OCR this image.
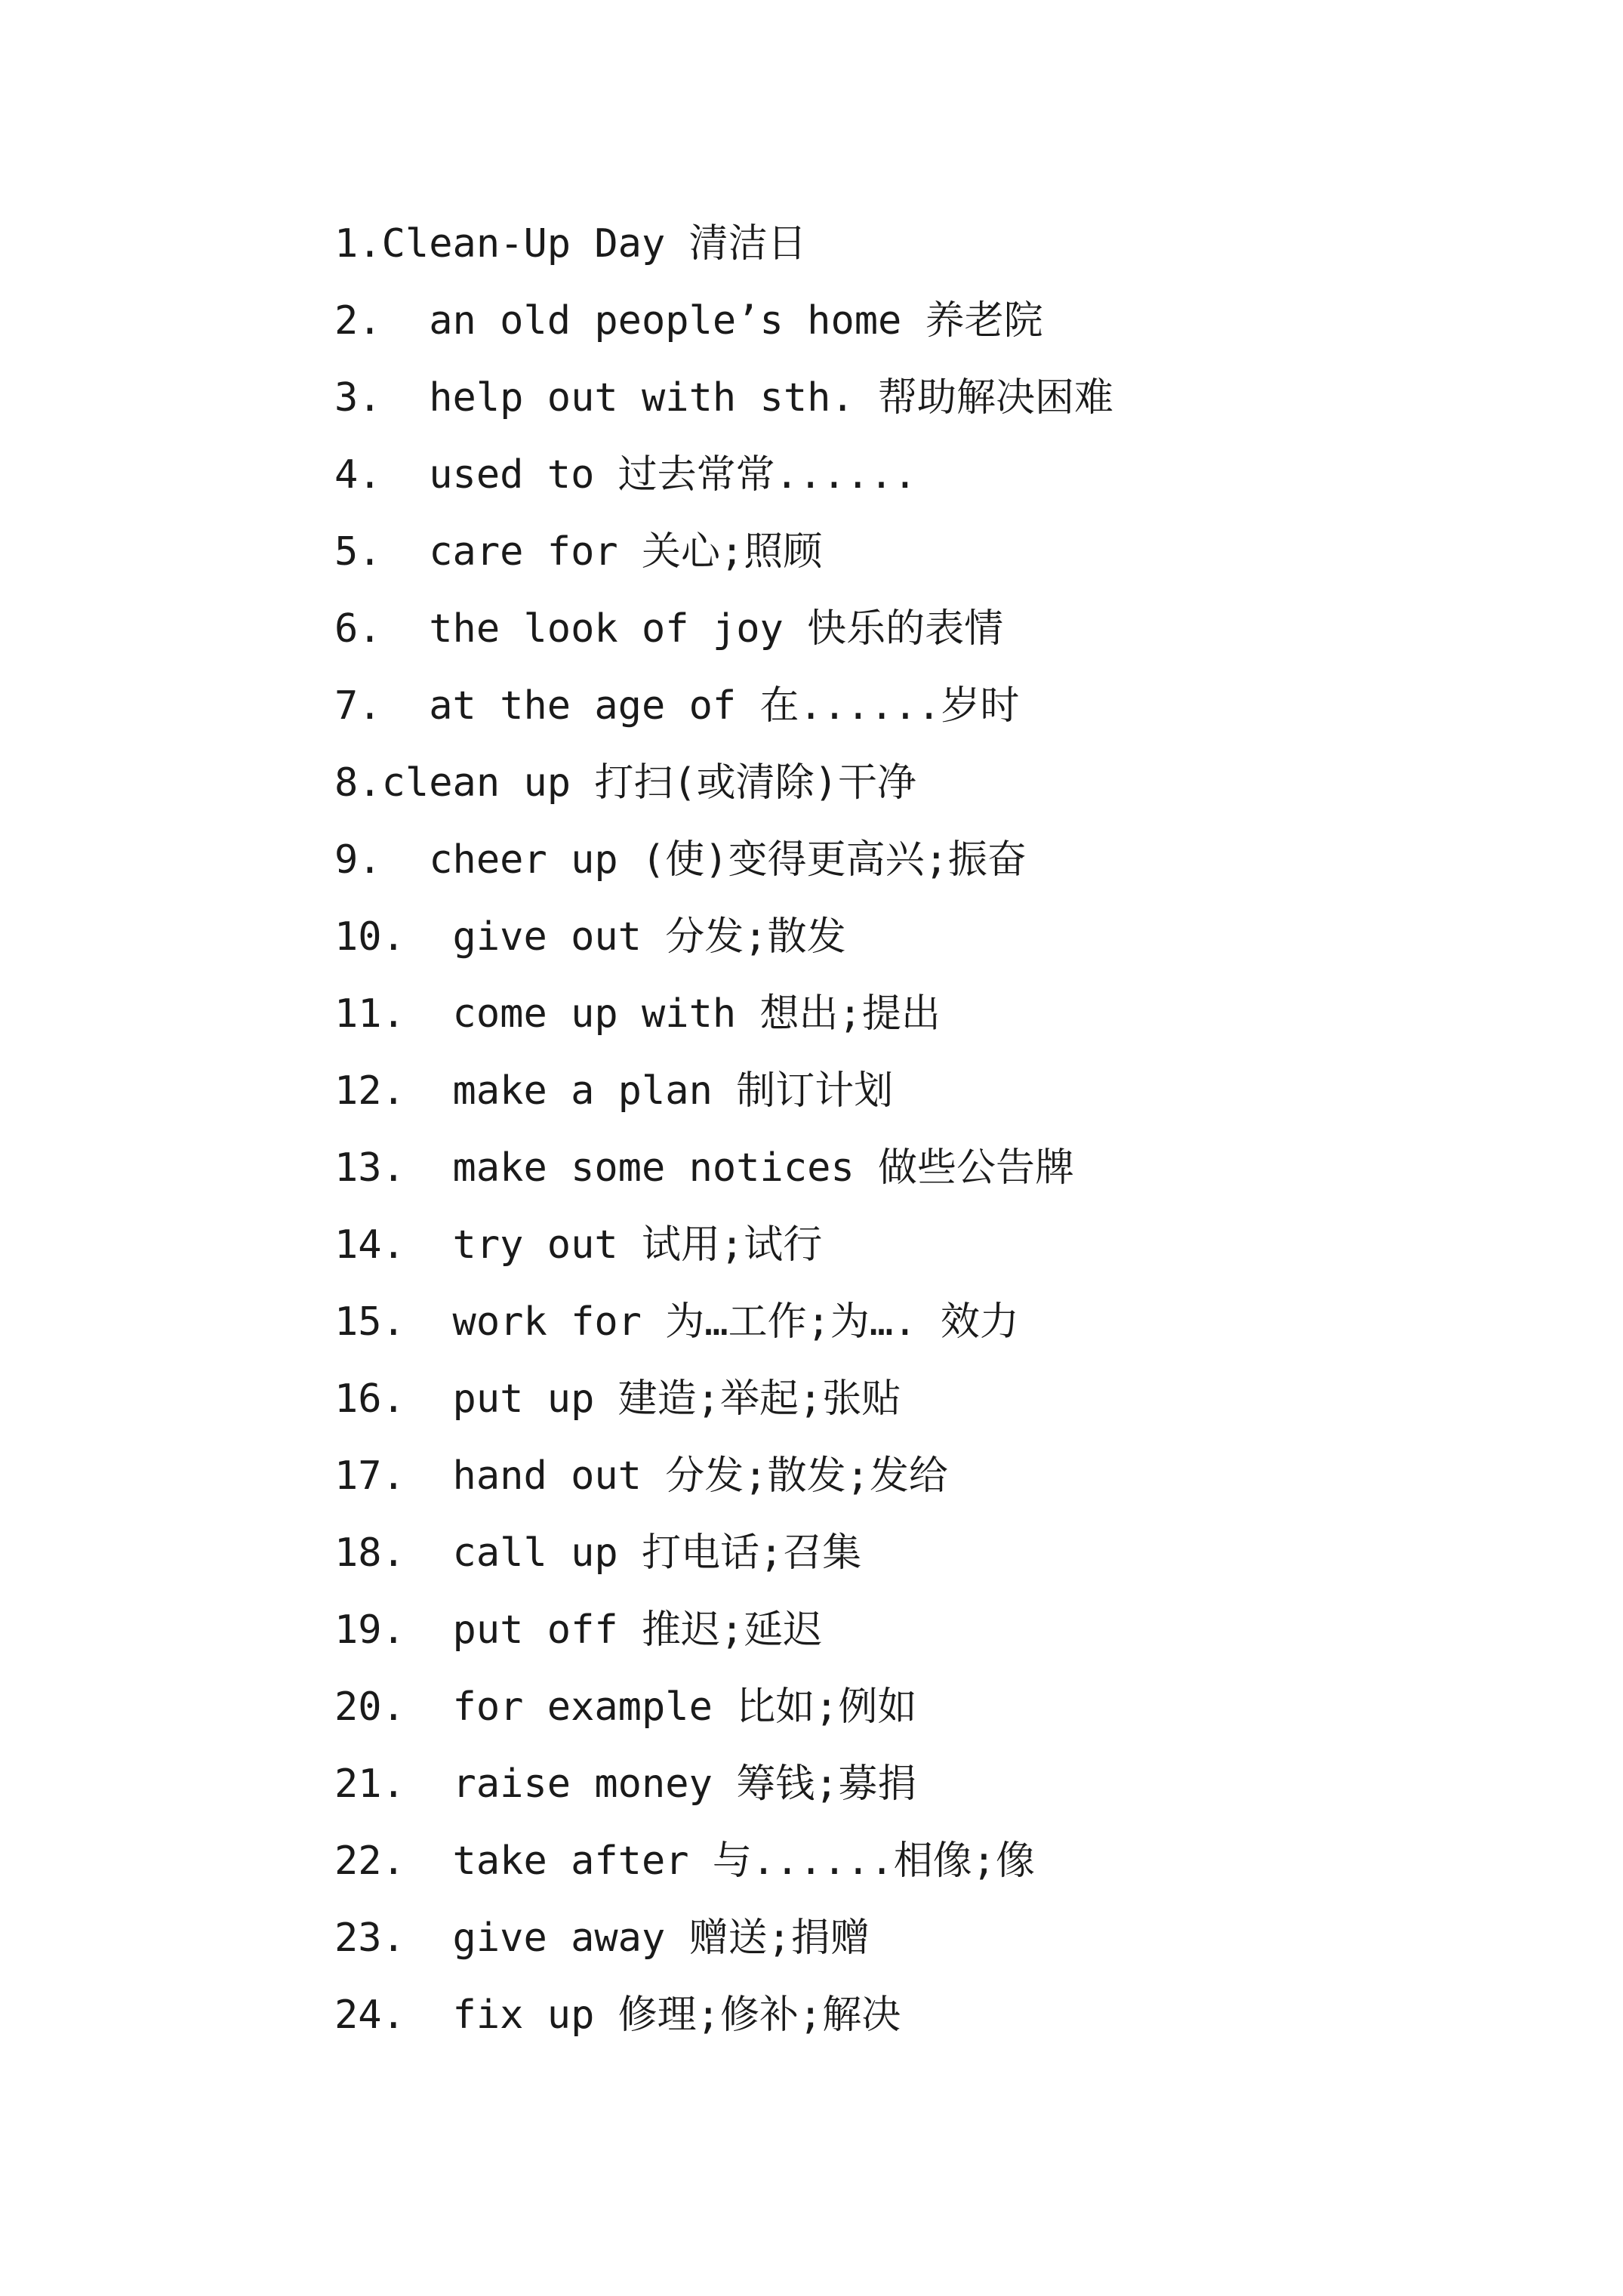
1.Clean-Up Day 清洁日
2.  an old people’s home 养老院
3.  help out with sth. 帮助解决困难
4.  used to 过去常常......
5.  care for 关心;照顾
6.  the look of joy 快乐的表情
7.  at the age of 在......岁时
8.clean up 打扫(或清除)干净
9.  cheer up (使)变得更高兴;振奋
10.  give out 分发;散发
11.  come up with 想出;提出
12.  make a plan 制订计划
13.  make some notices 做些公告牌
14.  try out 试用;试行
15.  work for 为…工作;为…. 效力
16.  put up 建造;举起;张贴
17.  hand out 分发;散发;发给
18.  call up 打电话;召集
19.  put off 推迟;延迟
20.  for example 比如;例如
21.  raise money 筹钱;募捐
22.  take after 与......相像;像
23.  give away 赠送;捐赠
24.  fix up 修理;修补;解决
